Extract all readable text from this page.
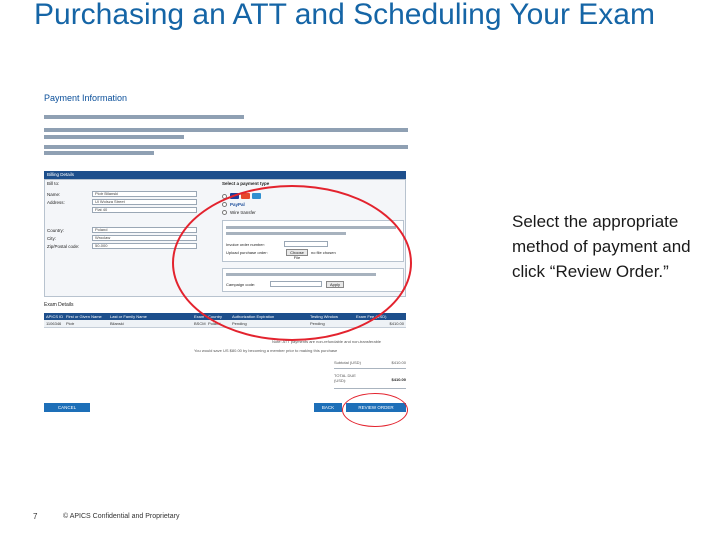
Purchasing an ATT and Scheduling Your Exam
Payment Information
Billing Details
Bill to:	Select a payment type
Name:	Piotr Bilanski
Address:	Ul Wolsza Street
Flat 40
Country:	Poland
City:	Wroclaw
Zip/Postal code:	50-000
PayPal
Wire transfer
Invoice order number:
Upload purchase order:	Choose File
no file chosen
Campaign code:	Apply
Exam Details
APICS ID First or Given Name	Last or Family Name	Exam Country	Authorization Expiration	Testing Window	Exam Fee (USD)
1106346	Piotr	Bilanski	BSCM Poland	Pending	Pending	$410.00
Note: ATT payments are non-refundable and non-transferable
You would save US $80.00 by becoming a member prior to making this purchase
Subtotal (USD)	$410.00
TOTAL DUE (USD):	$410.00
CANCEL	BACK	REVIEW ORDER
Select the appropriate method of payment and click “Review Order.”
7	© APICS Confidential and Proprietary
